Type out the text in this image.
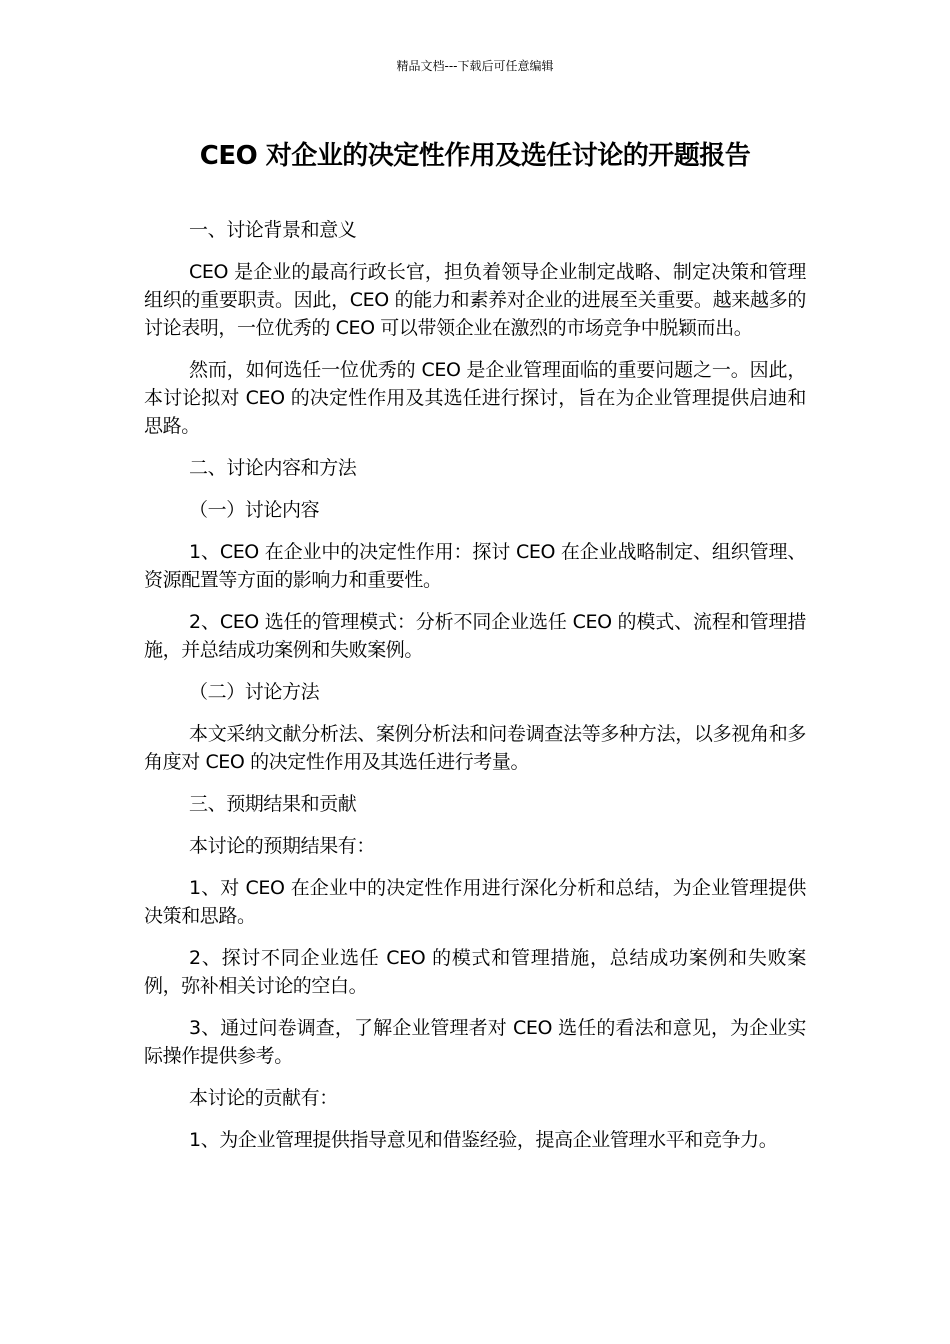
精品文档---下载后可任意编辑
CEO 对企业的决定性作用及选任讨论的开题报告

一、讨论背景和意义

CEO 是企业的最高行政长官，担负着领导企业制定战略、制定决策和管理组织的重要职责。因此，CEO 的能力和素养对企业的进展至关重要。越来越多的讨论表明，一位优秀的 CEO 可以带领企业在激烈的市场竞争中脱颖而出。

然而，如何选任一位优秀的 CEO 是企业管理面临的重要问题之一。因此，本讨论拟对 CEO 的决定性作用及其选任进行探讨，旨在为企业管理提供启迪和思路。

二、讨论内容和方法

（一）讨论内容

1、CEO 在企业中的决定性作用：探讨 CEO 在企业战略制定、组织管理、资源配置等方面的影响力和重要性。

2、CEO 选任的管理模式：分析不同企业选任 CEO 的模式、流程和管理措施，并总结成功案例和失败案例。

（二）讨论方法

本文采纳文献分析法、案例分析法和问卷调查法等多种方法，以多视角和多角度对 CEO 的决定性作用及其选任进行考量。

三、预期结果和贡献

本讨论的预期结果有：

1、对 CEO 在企业中的决定性作用进行深化分析和总结，为企业管理提供决策和思路。

2、探讨不同企业选任 CEO 的模式和管理措施，总结成功案例和失败案例，弥补相关讨论的空白。

3、通过问卷调查，了解企业管理者对 CEO 选任的看法和意见，为企业实际操作提供参考。

本讨论的贡献有：

1、为企业管理提供指导意见和借鉴经验，提高企业管理水平和竞争力。
